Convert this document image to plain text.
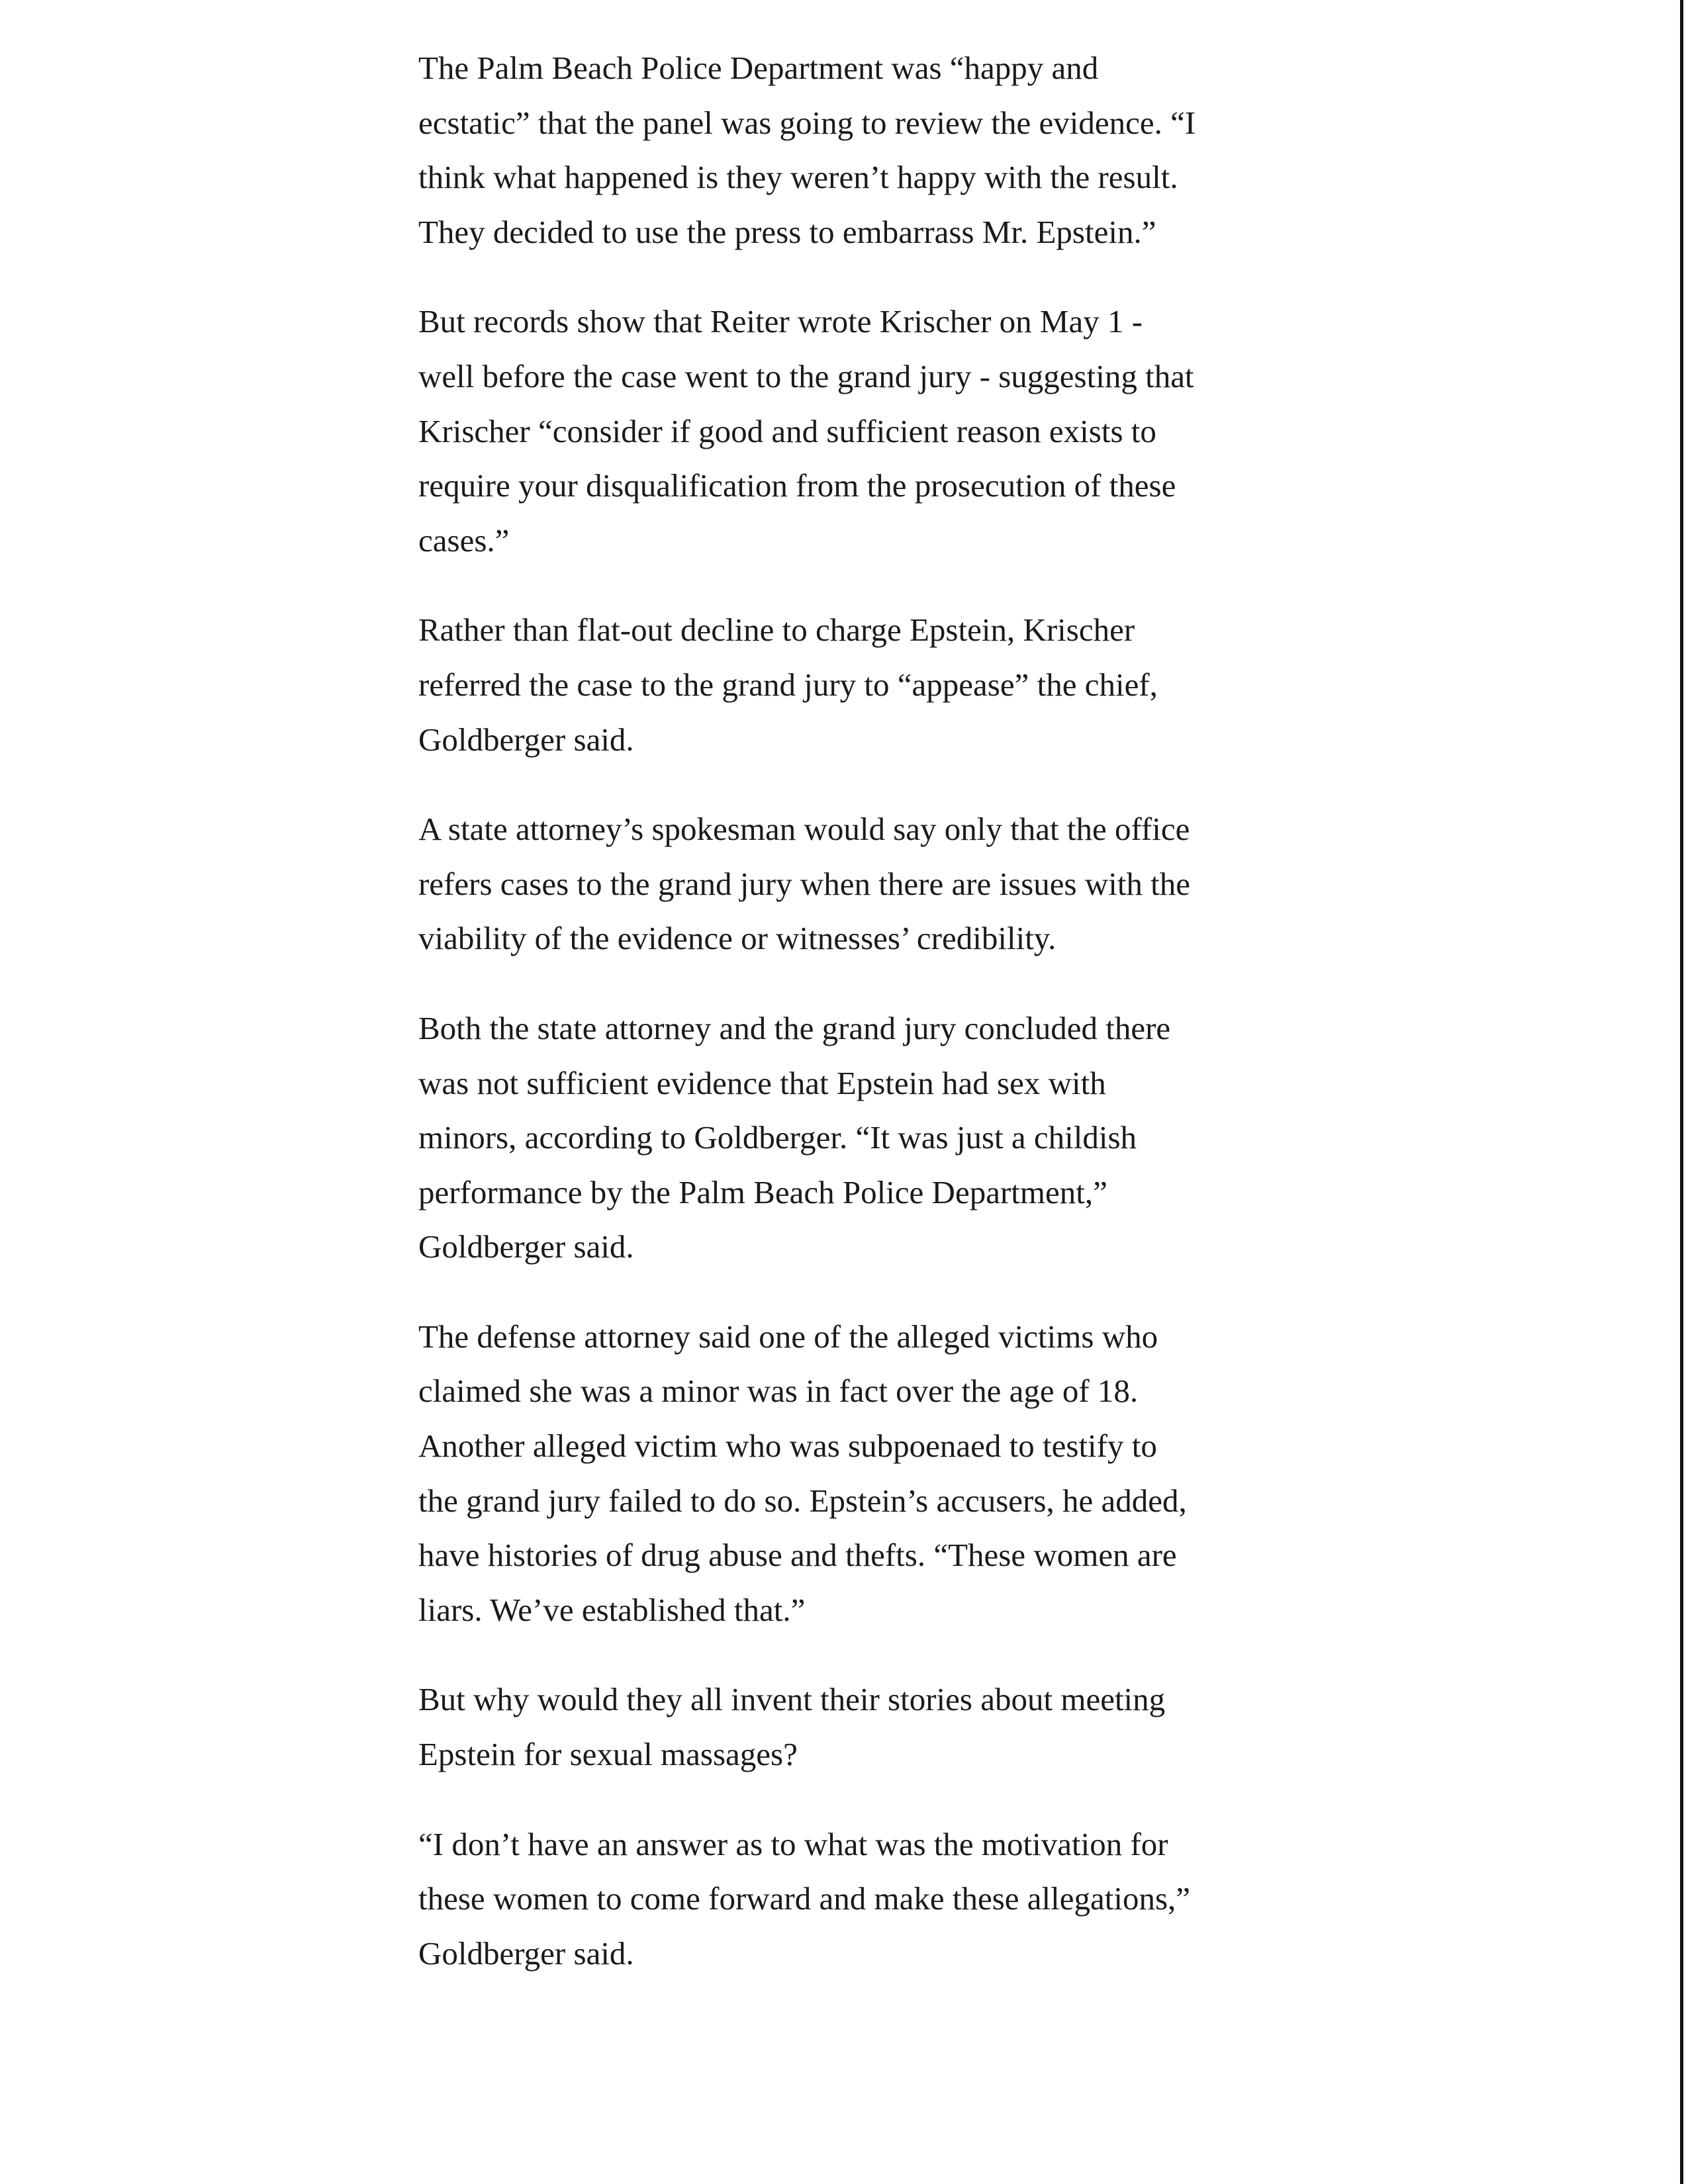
The Palm Beach Police Department was “happy and
ecstatic” that the panel was going to review the evidence. “I
think what happened is they weren’t happy with the result.
They decided to use the press to embarrass Mr. Epstein.”

But records show that Reiter wrote Krischer on May 1 -
well before the case went to the grand jury - suggesting that
Krischer “consider if good and sufficient reason exists to
require your disqualification from the prosecution of these
cases.”

Rather than flat-out decline to charge Epstein, Krischer
referred the case to the grand jury to “appease” the chief,
Goldberger said.

A state attorney’s spokesman would say only that the office
refers cases to the grand jury when there are issues with the
viability of the evidence or witnesses’ credibility.

Both the state attorney and the grand jury concluded there
was not sufficient evidence that Epstein had sex with
minors, according to Goldberger. “It was just a childish
performance by the Palm Beach Police Department,”
Goldberger said.

The defense attorney said one of the alleged victims who
claimed she was a minor was in fact over the age of 18.
Another alleged victim who was subpoenaed to testify to
the grand jury failed to do so. Epstein’s accusers, he added,
have histories of drug abuse and thefts. “These women are
liars. We’ve established that.”

But why would they all invent their stories about meeting
Epstein for sexual massages?

“I don’t have an answer as to what was the motivation for
these women to come forward and make these allegations,”
Goldberger said.
